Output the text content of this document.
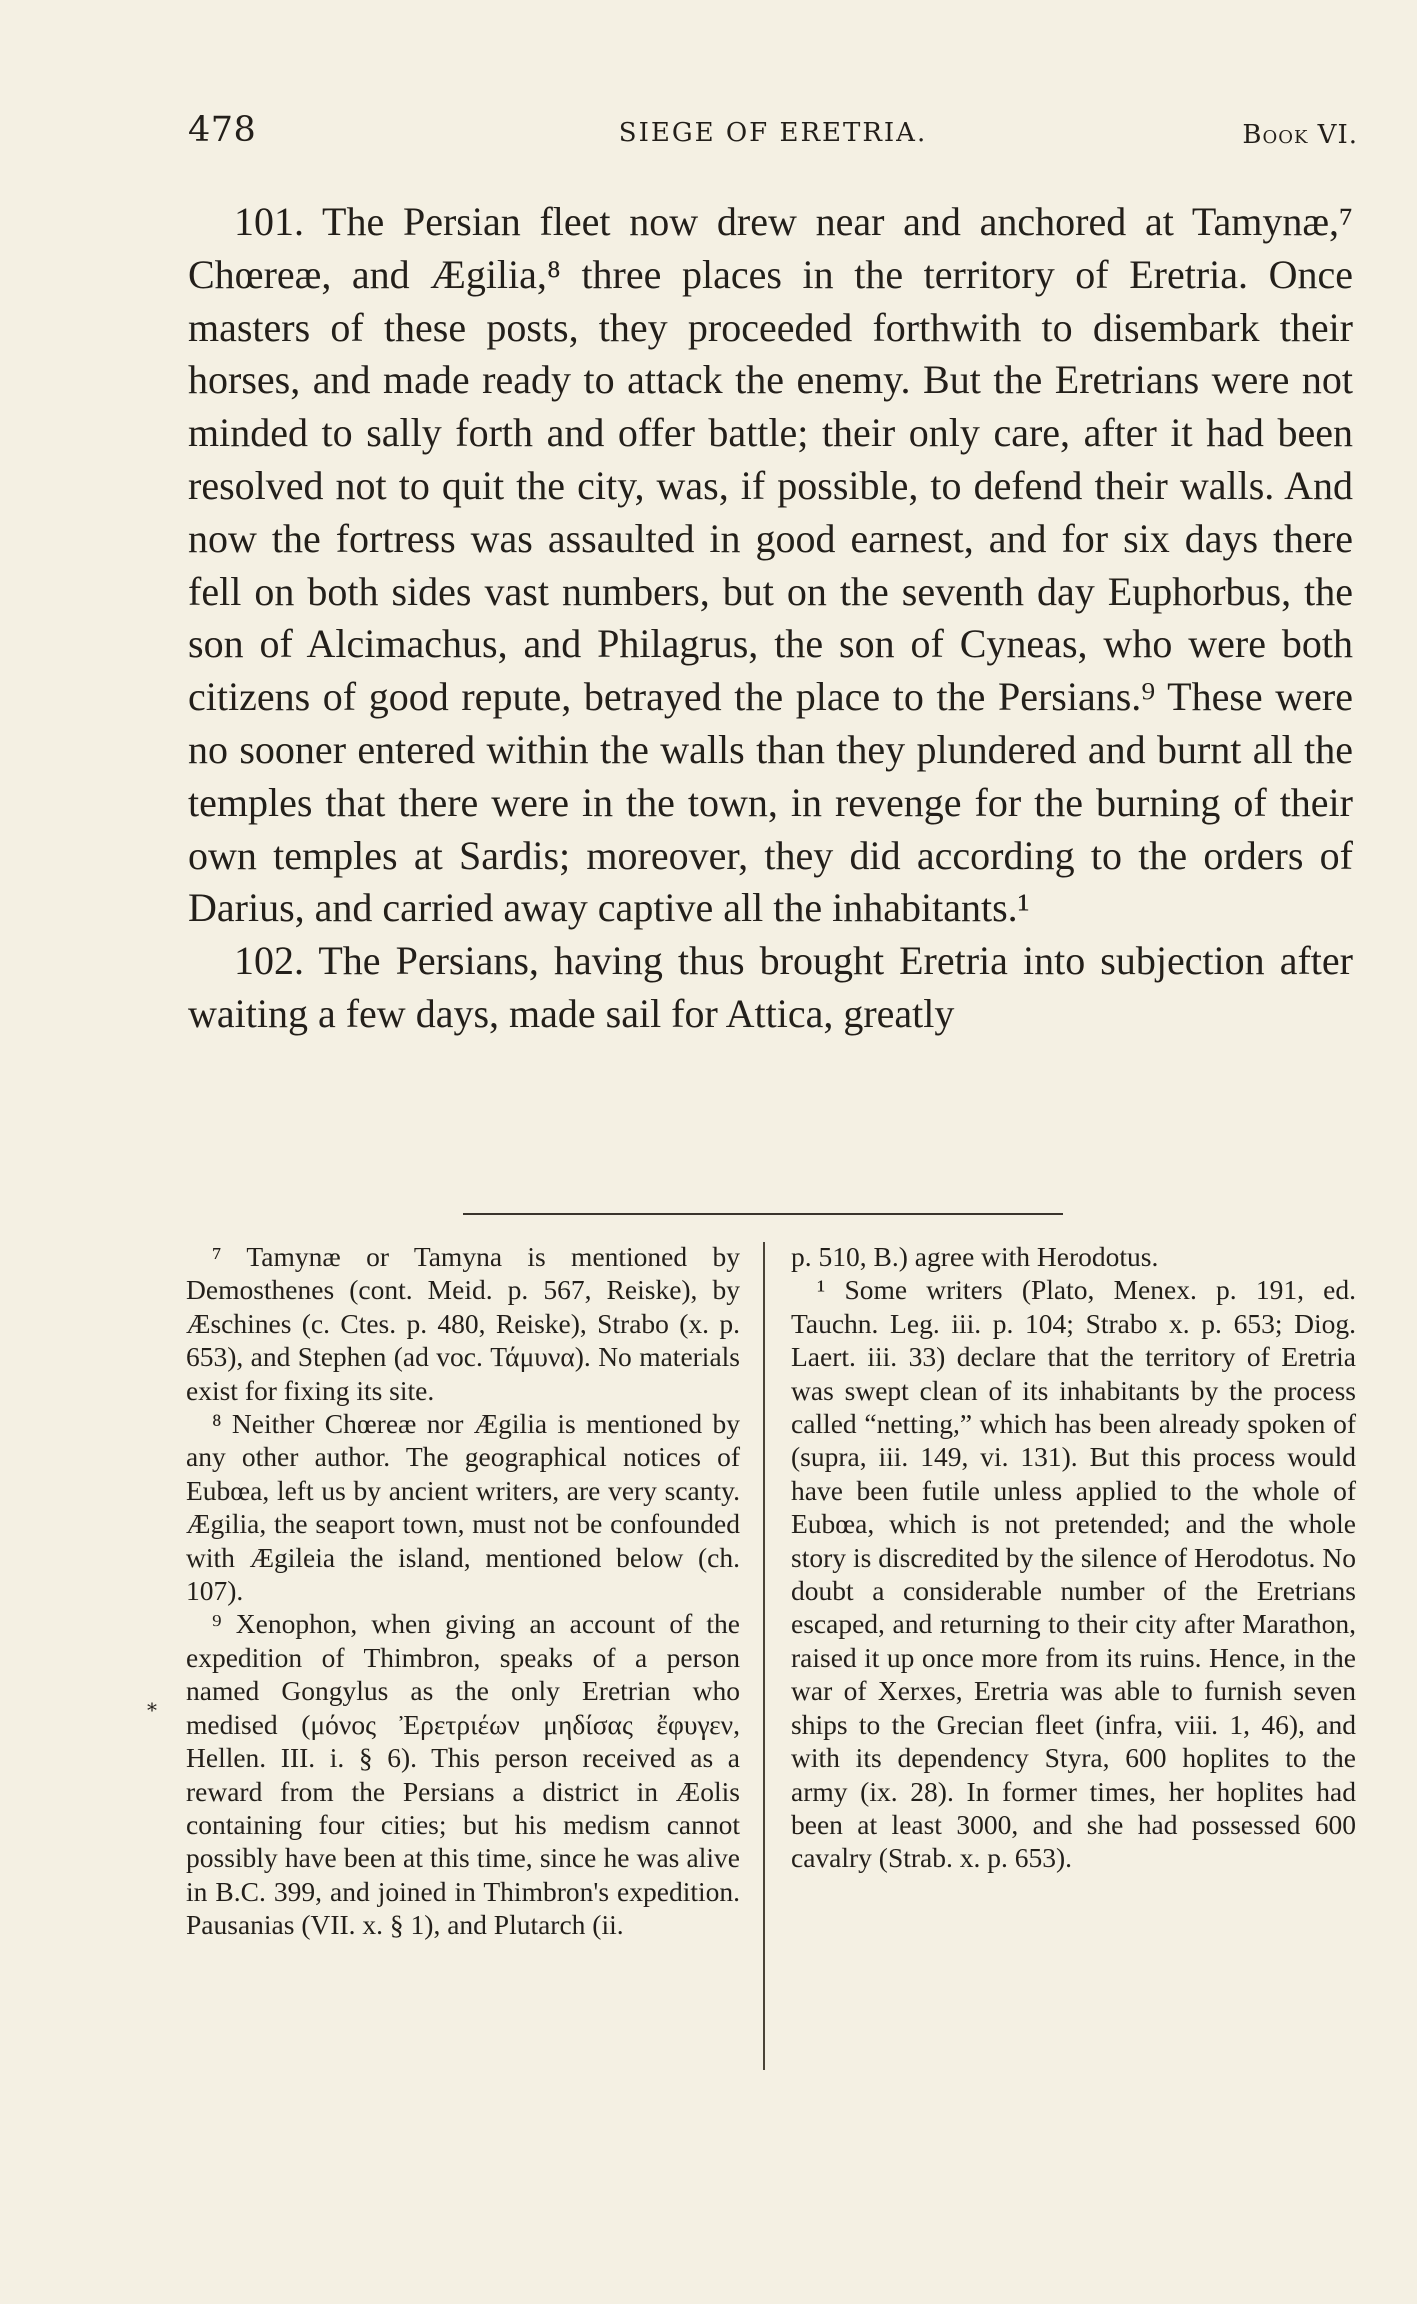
478	SIEGE OF ERETRIA.	Book VI.

101. The Persian fleet now drew near and anchored at Tamynæ,⁷ Chœreæ, and Ægilia,⁸ three places in the territory of Eretria. Once masters of these posts, they proceeded forthwith to disembark their horses, and made ready to attack the enemy. But the Eretrians were not minded to sally forth and offer battle; their only care, after it had been resolved not to quit the city, was, if possible, to defend their walls. And now the fortress was assaulted in good earnest, and for six days there fell on both sides vast numbers, but on the seventh day Euphorbus, the son of Alcimachus, and Philagrus, the son of Cyneas, who were both citizens of good repute, betrayed the place to the Persians.⁹ These were no sooner entered within the walls than they plundered and burnt all the temples that there were in the town, in revenge for the burning of their own temples at Sardis; moreover, they did according to the orders of Darius, and carried away captive all the inhabitants.¹

102. The Persians, having thus brought Eretria into subjection after waiting a few days, made sail for Attica, greatly

⁎

⁷ Tamynæ or Tamyna is mentioned by Demosthenes (cont. Meid. p. 567, Reiske), by Æschines (c. Ctes. p. 480, Reiske), Strabo (x. p. 653), and Stephen (ad voc. Τάμυνα). No materials exist for fixing its site.

⁸ Neither Chœreæ nor Ægilia is mentioned by any other author. The geographical notices of Eubœa, left us by ancient writers, are very scanty. Ægilia, the seaport town, must not be confounded with Ægileia the island, mentioned below (ch. 107).

⁹ Xenophon, when giving an account of the expedition of Thimbron, speaks of a person named Gongylus as the only Eretrian who medised (μόνος Ἐρετριέων μηδίσας ἔφυγεν, Hellen. III. i. § 6). This person received as a reward from the Persians a district in Æolis containing four cities; but his medism cannot possibly have been at this time, since he was alive in B.C. 399, and joined in Thimbron's expedition. Pausanias (VII. x. § 1), and Plutarch (ii.

p. 510, B.) agree with Herodotus.

¹ Some writers (Plato, Menex. p. 191, ed. Tauchn. Leg. iii. p. 104; Strabo x. p. 653; Diog. Laert. iii. 33) declare that the territory of Eretria was swept clean of its inhabitants by the process called “netting,” which has been already spoken of (supra, iii. 149, vi. 131). But this process would have been futile unless applied to the whole of Eubœa, which is not pretended; and the whole story is discredited by the silence of Herodotus. No doubt a considerable number of the Eretrians escaped, and returning to their city after Marathon, raised it up once more from its ruins. Hence, in the war of Xerxes, Eretria was able to furnish seven ships to the Grecian fleet (infra, viii. 1, 46), and with its dependency Styra, 600 hoplites to the army (ix. 28). In former times, her hoplites had been at least 3000, and she had possessed 600 cavalry (Strab. x. p. 653).
